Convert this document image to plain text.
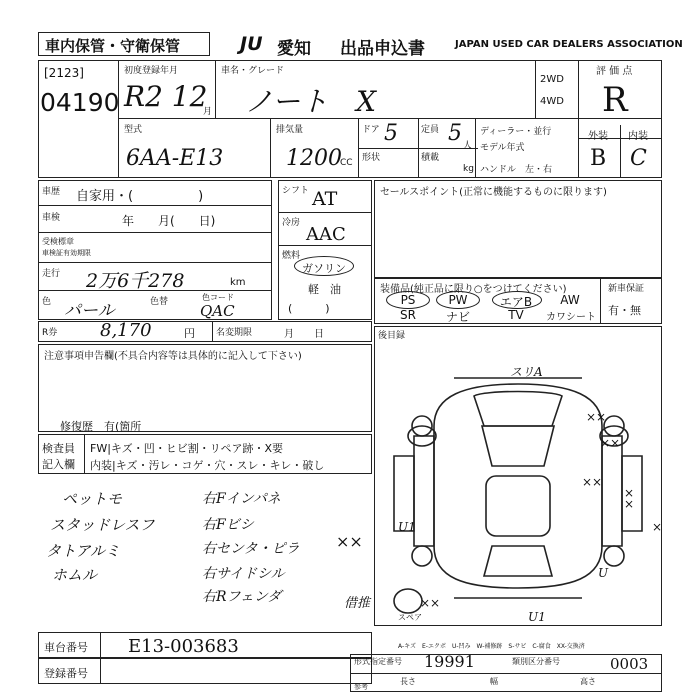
車内保管・守衛保管	JU 愛知 出品申込書	JAPAN USED CAR DEALERS ASSOCIATION
[2123]
04190
初度登録年月
R2 12
月
車名・グレード
ノート　X
2WD
4WD
評 価 点
R
型式
6AA-E13
排気量
1200
CC
ドア 5	定員 5 人
形状	積載
kg
ディーラー・並行
モデル年式
ハンドル　左・右
外装 内装
B C
車歴 自家用・(　　　　　)
車検	年　　月(　　日)
受検標章
車検証有効期限
走行 2万6千278	km
色 パール	色替	色コード
QAC
シフト AT
冷房
AAC
燃料
ガソリン
軽　油
(　　　)
R券 8,170	円 名変期限	月　　日
セールスポイント(正常に機能するものに限ります)
装備品(純正品に限り○をつけてください)
PS	PW	エアB	AW
SR	ナビ	TV	カワシート
新車保証
有・無
注意事項申告欄(不具合内容等は具体的に記入して下さい)
修復歴　有(箇所
検査員
記入欄
FW|キズ・凹・ヒビ割・リペア跡・X要
内装|キズ・汚レ・コゲ・穴・スレ・キレ・破し
ペットモ
スタッドレスフ
タトアルミ
ホムル
右Fインパネ
右Fビシ
右センタ・ピラ
右サイドシル
右Rフェンダ
××
借推
後目録
スリA
スペア
××
××
×
×
U1
××
×
U
U1
××
A-キズ　E-エクボ　U-凹み　W-補修跡　S-サビ　C-腐食　XX-交換済
車台番号 E13-003683
登録番号
形式指定番号 19991	類別区分番号	0003
長さ	幅	高さ
参考
